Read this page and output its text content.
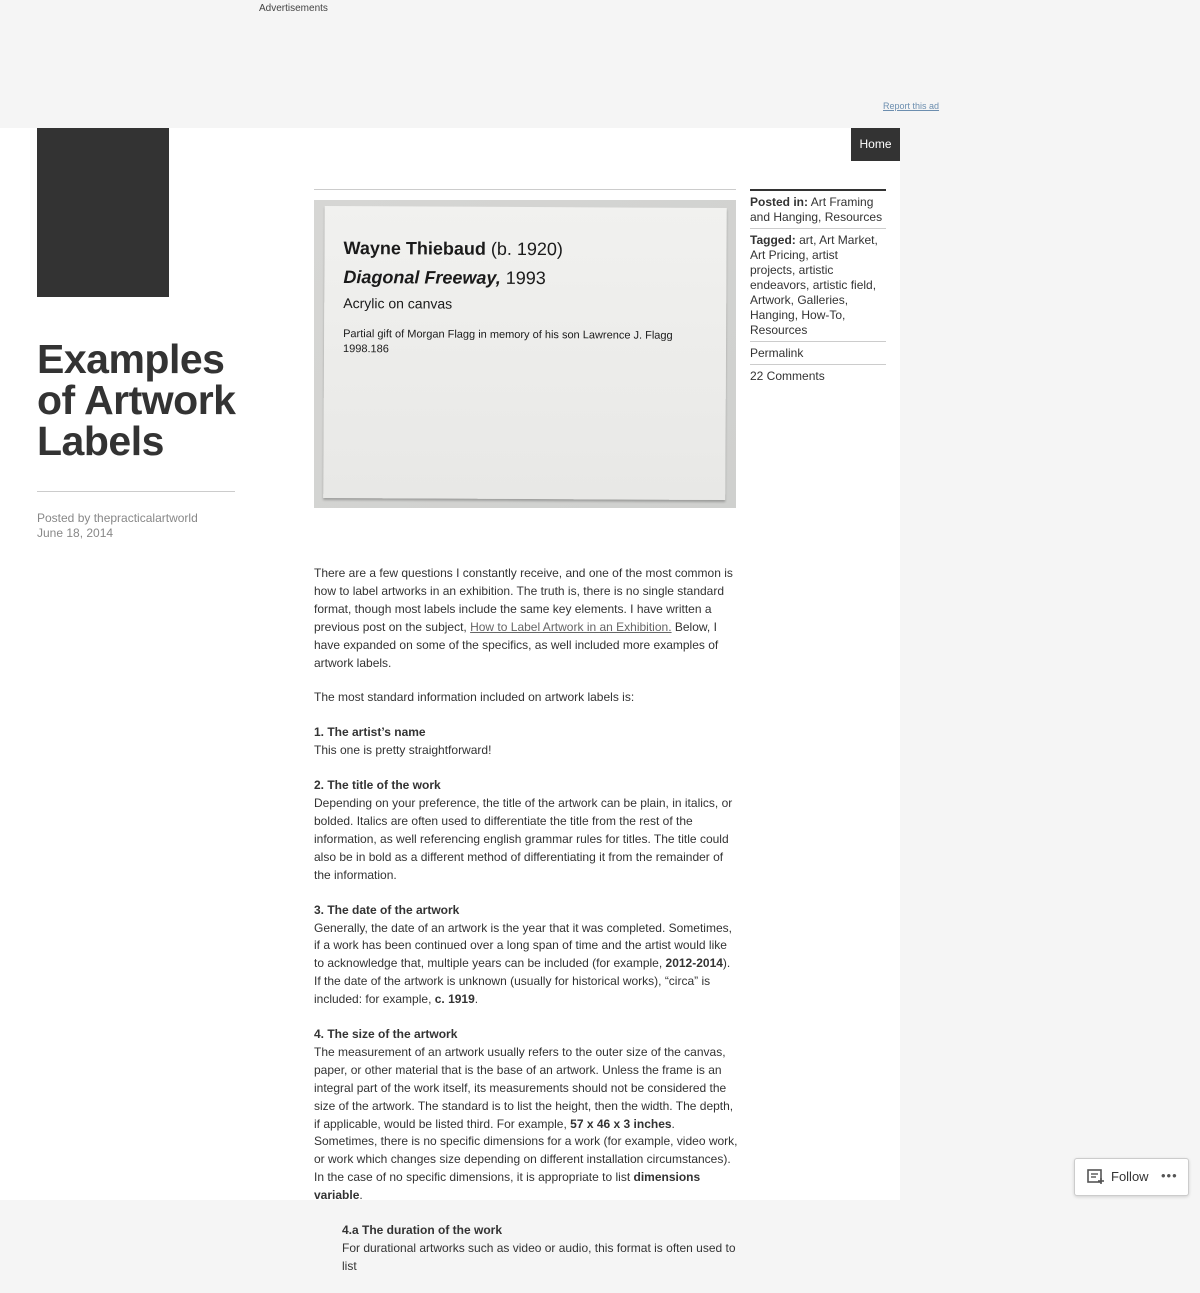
Advertisements
Report this ad
Home
Examples of Artwork Labels
Posted by thepracticalartworld
June 18, 2014
Wayne Thiebaud (b. 1920)
Diagonal Freeway, 1993
Acrylic on canvas
Partial gift of Morgan Flagg in memory of his son Lawrence J. Flagg 1998.186

There are a few questions I constantly receive, and one of the most common is how to label artworks in an exhibition. The truth is, there is no single standard format, though most labels include the same key elements. I have written a previous post on the subject, How to Label Artwork in an Exhibition. Below, I have expanded on some of the specifics, as well included more examples of artwork labels.

The most standard information included on artwork labels is:

1. The artist’s name
This one is pretty straightforward!

2. The title of the work
Depending on your preference, the title of the artwork can be plain, in italics, or bolded. Italics are often used to differentiate the title from the rest of the information, as well referencing english grammar rules for titles. The title could also be in bold as a different method of differentiating it from the remainder of the information.

3. The date of the artwork
Generally, the date of an artwork is the year that it was completed. Sometimes, if a work has been continued over a long span of time and the artist would like to acknowledge that, multiple years can be included (for example, 2012-2014). If the date of the artwork is unknown (usually for historical works), “circa” is included: for example, c. 1919.

4. The size of the artwork
The measurement of an artwork usually refers to the outer size of the canvas, paper, or other material that is the base of an artwork. Unless the frame is an integral part of the work itself, its measurements should not be considered the size of the artwork. The standard is to list the height, then the width. The depth, if applicable, would be listed third. For example, 57 x 46 x 3 inches. Sometimes, there is no specific dimensions for a work (for example, video work, or work which changes size depending on different installation circumstances). In the case of no specific dimensions, it is appropriate to list dimensions variable.

4.a The duration of the work
For durational artworks such as video or audio, this format is often used to list

Posted in: Art Framing and Hanging, Resources
Tagged: art, Art Market, Art Pricing, artist projects, artistic endeavors, artistic field, Artwork, Galleries, Hanging, How-To, Resources
Permalink
22 Comments
Follow •••
